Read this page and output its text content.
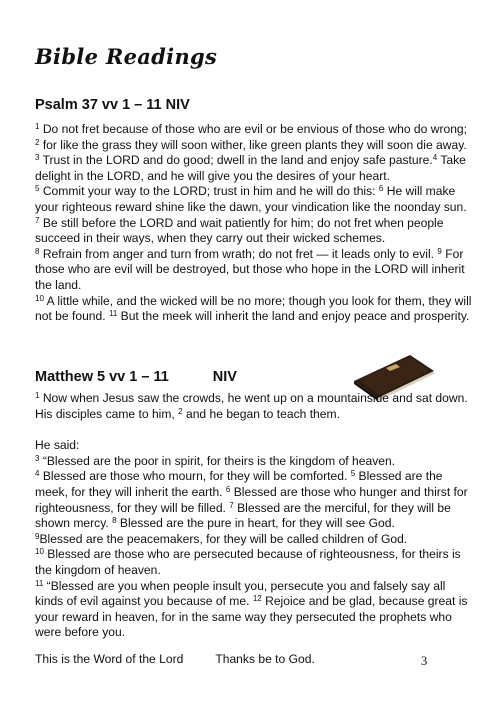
Bible Readings
Psalm 37 vv 1 – 11 NIV

$^1$ Do not fret because of those who are evil or be envious of those who do wrong; $^2$ for like the grass they will soon wither, like green plants they will soon die away.
$^3$ Trust in the LORD and do good; dwell in the land and enjoy safe pasture.$^4$ Take delight in the LORD, and he will give you the desires of your heart.
$^5$ Commit your way to the LORD; trust in him and he will do this: $^6$ He will make your righteous reward shine like the dawn, your vindication like the noonday sun.
$^7$ Be still before the LORD and wait patiently for him; do not fret when people succeed in their ways, when they carry out their wicked schemes.
$^8$ Refrain from anger and turn from wrath; do not fret — it leads only to evil. $^9$ For those who are evil will be destroyed, but those who hope in the LORD will inherit the land.
$^{10}$ A little while, and the wicked will be no more; though you look for them, they will not be found. $^{11}$ But the meek will inherit the land and enjoy peace and prosperity.

Matthew 5 vv 1 – 11	NIV

$^1$ Now when Jesus saw the crowds, he went up on a mountainside and sat down. His disciples came to him, $^2$ and he began to teach them.

He said:
$^3$ “Blessed are the poor in spirit, for theirs is the kingdom of heaven.
$^4$ Blessed are those who mourn, for they will be comforted. $^5$ Blessed are the meek, for they will inherit the earth. $^6$ Blessed are those who hunger and thirst for righteousness, for they will be filled. $^7$ Blessed are the merciful, for they will be shown mercy. $^8$ Blessed are the pure in heart, for they will see God.
$^9$Blessed are the peacemakers, for they will be called children of God.
$^{10}$ Blessed are those who are persecuted because of righteousness, for theirs is the kingdom of heaven.
$^{11}$ “Blessed are you when people insult you, persecute you and falsely say all kinds of evil against you because of me. $^{12}$ Rejoice and be glad, because great is your reward in heaven, for in the same way they persecuted the prophets who were before you.

This is the Word of the Lord	Thanks be to God.	3
